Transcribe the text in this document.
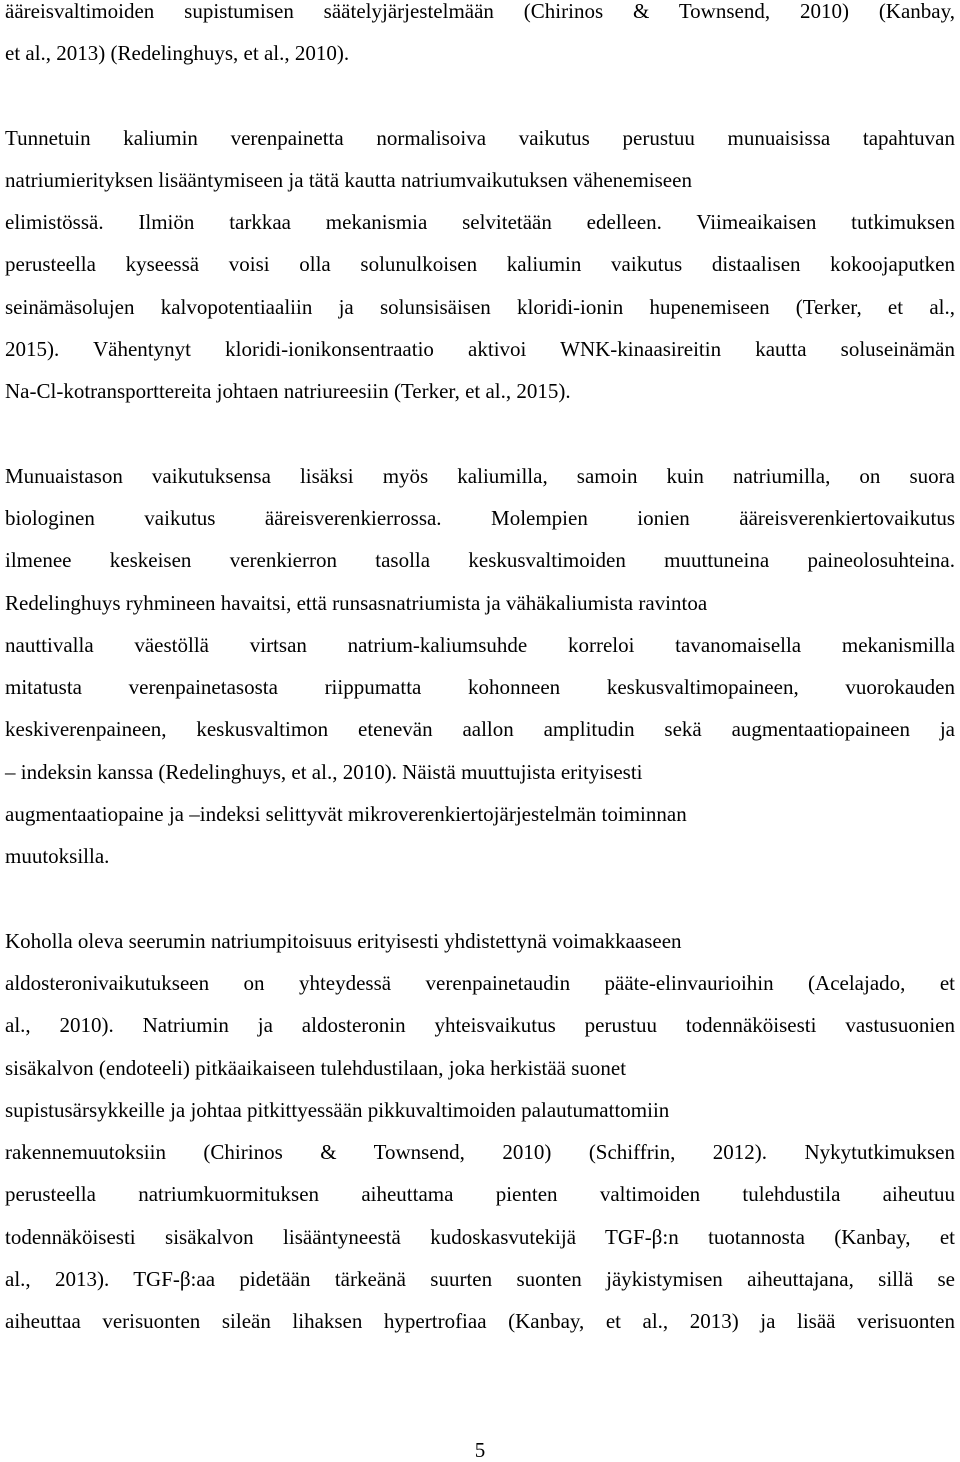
ääreisvaltimoiden supistumisen säätelyjärjestelmään (Chirinos & Townsend, 2010) (Kanbay,
et al., 2013) (Redelinghuys, et al., 2010).

Tunnetuin kaliumin verenpainetta normalisoiva vaikutus perustuu munuaisissa tapahtuvan
natriumierityksen lisääntymiseen ja tätä kautta natriumvaikutuksen vähenemiseen
elimistössä. Ilmiön tarkkaa mekanismia selvitetään edelleen. Viimeaikaisen tutkimuksen
perusteella kyseessä voisi olla solunulkoisen kaliumin vaikutus distaalisen kokoojaputken
seinämäsolujen kalvopotentiaaliin ja solunsisäisen kloridi-ionin hupenemiseen (Terker, et al.,
2015). Vähentynyt kloridi-ionikonsentraatio aktivoi WNK-kinaasireitin kautta soluseinämän
Na-Cl-kotransporttereita johtaen natriureesiin (Terker, et al., 2015).

Munuaistason vaikutuksensa lisäksi myös kaliumilla, samoin kuin natriumilla, on suora
biologinen vaikutus ääreisverenkierrossa. Molempien ionien ääreisverenkiertovaikutus
ilmenee keskeisen verenkierron tasolla keskusvaltimoiden muuttuneina paineolosuhteina.
Redelinghuys ryhmineen havaitsi, että runsasnatriumista ja vähäkaliumista ravintoa
nauttivalla väestöllä virtsan natrium-kaliumsuhde korreloi tavanomaisella mekanismilla
mitatusta verenpainetasosta riippumatta kohonneen keskusvaltimopaineen, vuorokauden
keskiverenpaineen, keskusvaltimon etenevän aallon amplitudin sekä augmentaatiopaineen ja
– indeksin kanssa (Redelinghuys, et al., 2010). Näistä muuttujista erityisesti
augmentaatiopaine ja –indeksi selittyvät mikroverenkiertojärjestelmän toiminnan
muutoksilla.

Koholla oleva seerumin natriumpitoisuus erityisesti yhdistettynä voimakkaaseen
aldosteronivaikutukseen on yhteydessä verenpainetaudin pääte-elinvaurioihin (Acelajado, et
al., 2010). Natriumin ja aldosteronin yhteisvaikutus perustuu todennäköisesti vastusuonien
sisäkalvon (endoteeli) pitkäaikaiseen tulehdustilaan, joka herkistää suonet
supistusärsykkeille ja johtaa pitkittyessään pikkuvaltimoiden palautumattomiin
rakennemuutoksiin (Chirinos & Townsend, 2010) (Schiffrin, 2012). Nykytutkimuksen
perusteella natriumkuormituksen aiheuttama pienten valtimoiden tulehdustila aiheutuu
todennäköisesti sisäkalvon lisääntyneestä kudoskasvutekijä TGF-β:n tuotannosta (Kanbay, et
al., 2013). TGF-β:aa pidetään tärkeänä suurten suonten jäykistymisen aiheuttajana, sillä se
aiheuttaa verisuonten sileän lihaksen hypertrofiaa (Kanbay, et al., 2013) ja lisää verisuonten

5
